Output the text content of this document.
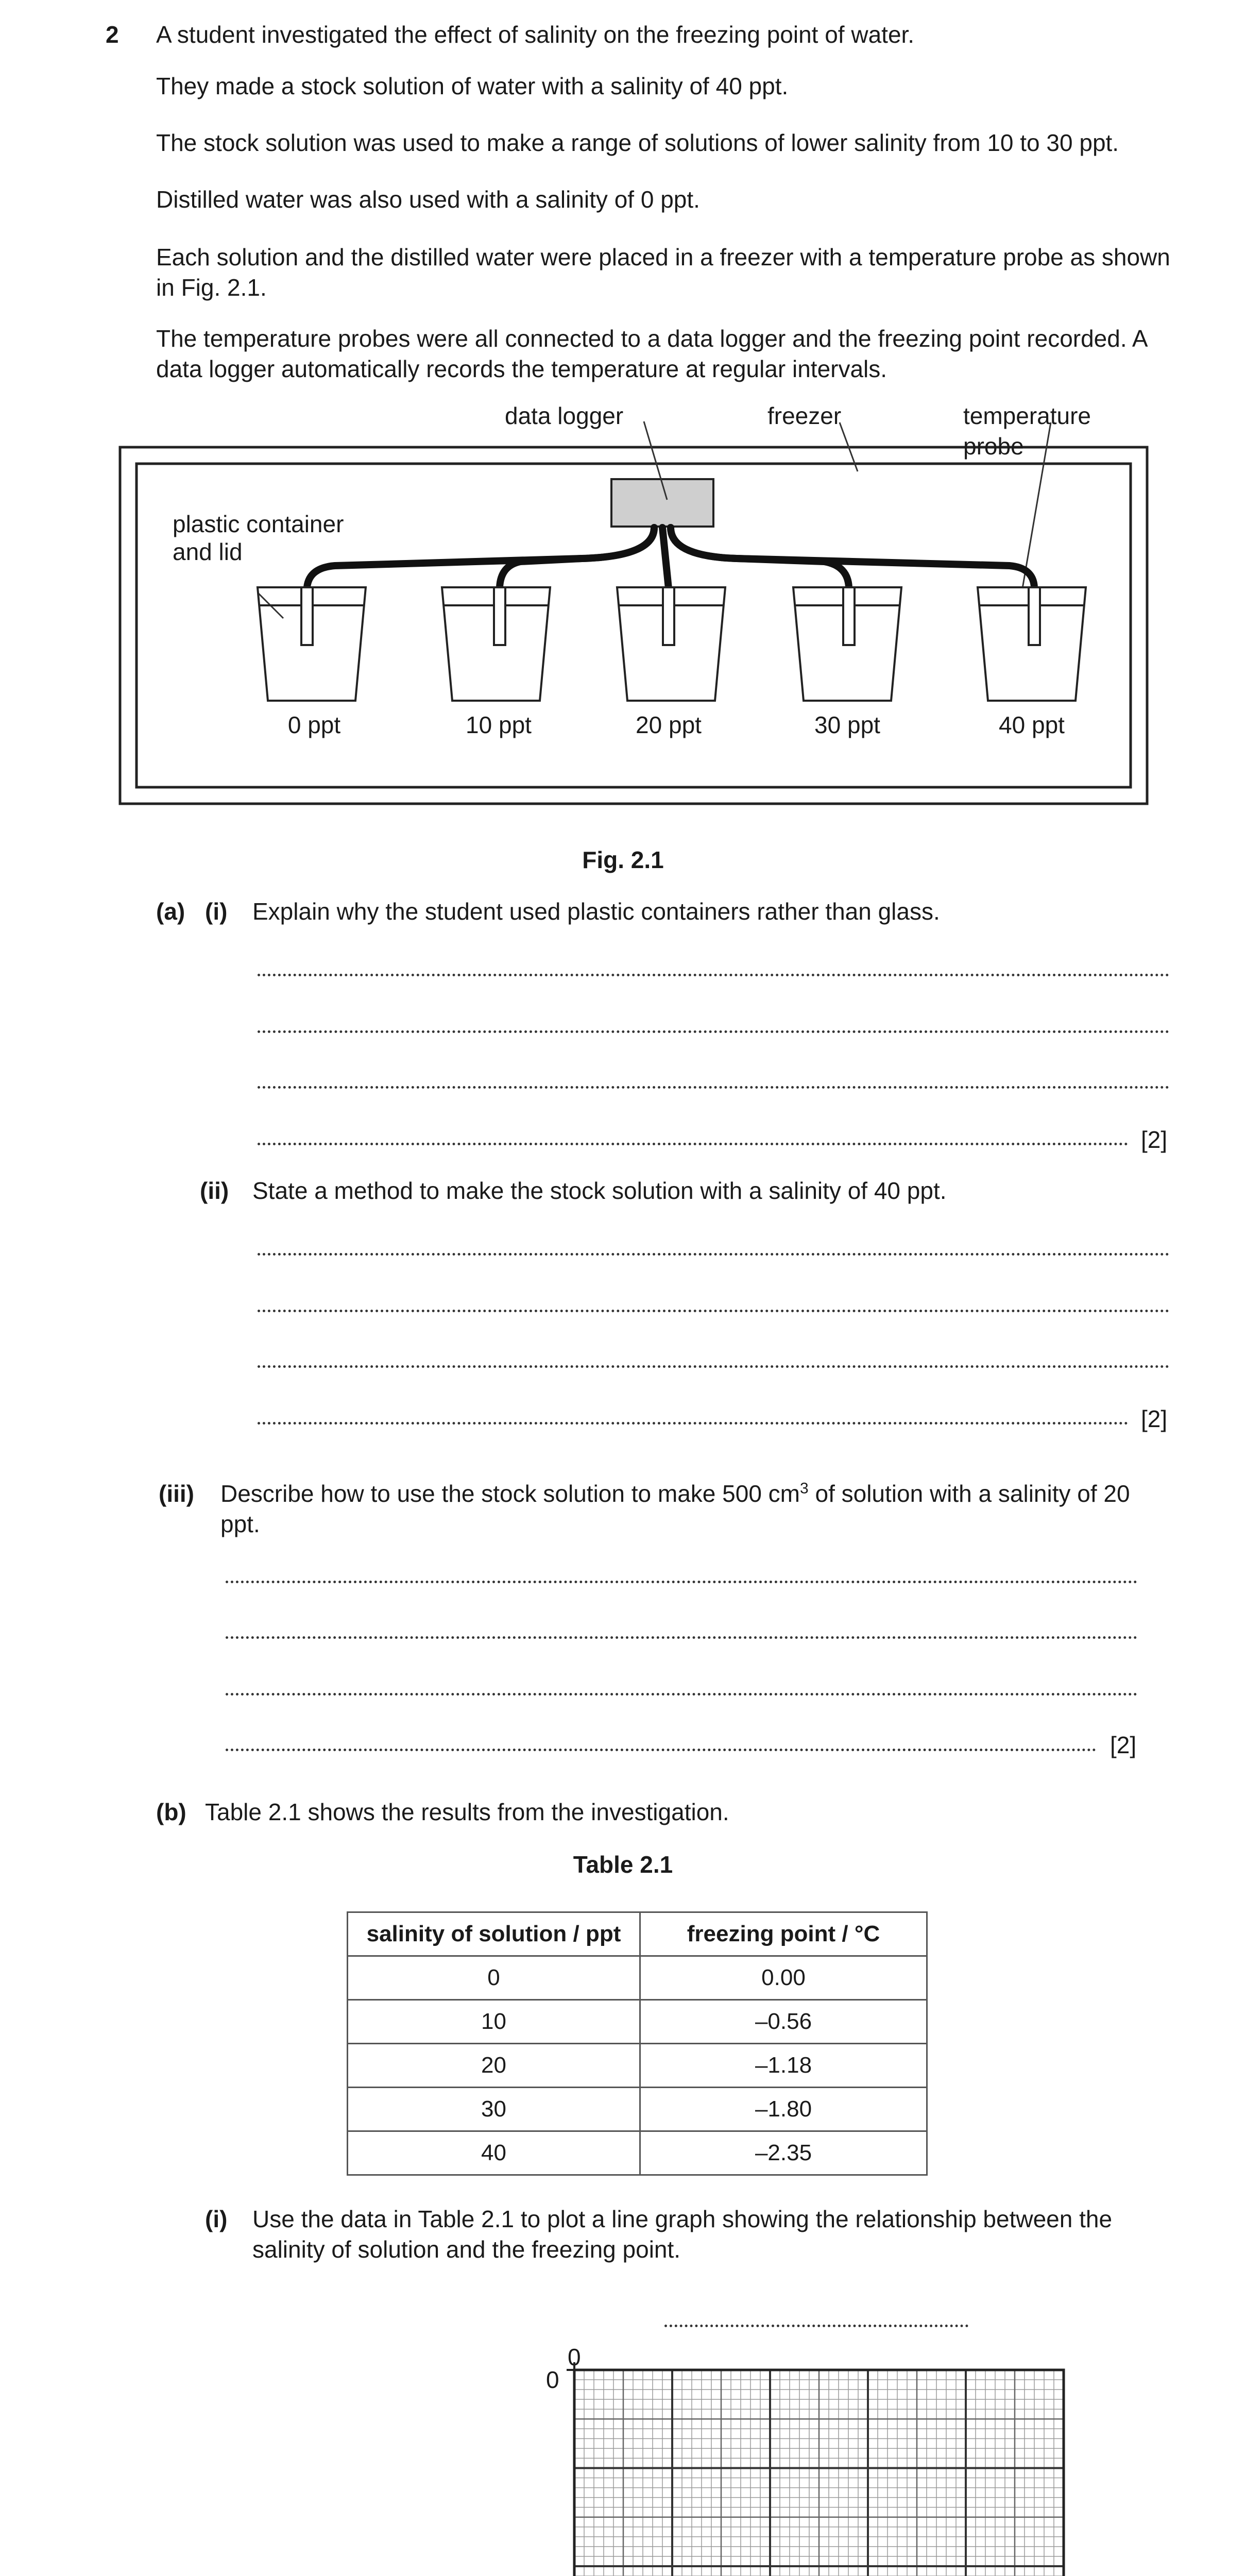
2 A student investigated the effect of salinity on the freezing point of water.
They made a stock solution of water with a salinity of 40 ppt.
The stock solution was used to make a range of solutions of lower salinity from 10 to 30 ppt.
Distilled water was also used with a salinity of 0 ppt.
Each solution and the distilled water were placed in a freezer with a temperature probe as shown in Fig. 2.1.
The temperature probes were all connected to a data logger and the freezing point recorded. A data logger automatically records the temperature at regular intervals.
data logger	freezer	temperature probe
plastic container
and lid
0 ppt	10 ppt	20 ppt	30 ppt	40 ppt
Fig. 2.1
(a) (i) Explain why the student used plastic containers rather than glass.
[2]
(ii) State a method to make the stock solution with a salinity of 40 ppt.
[2]
(iii) Describe how to use the stock solution to make 500 $cm^3$ of solution with a salinity of 20 ppt.
[2]
(b) Table 2.1 shows the results from the investigation.
Table 2.1
salinity of solution / ppt	freezing point / °C
0	0.00
10	–0.56
20	–1.18
30	–1.80
40	–2.35
(i) Use the data in Table 2.1 to plot a line graph showing the relationship between the salinity of solution and the freezing point.
0
0
